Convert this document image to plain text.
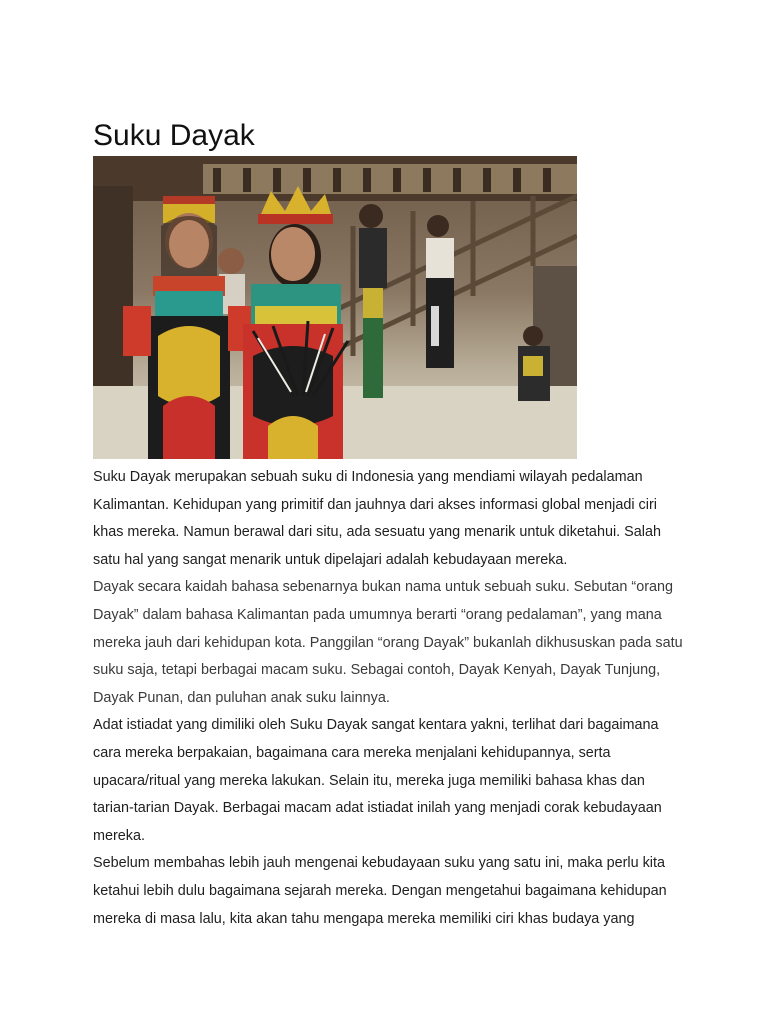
Suku Dayak

Suku Dayak merupakan sebuah suku di Indonesia yang mendiami wilayah pedalaman
Kalimantan. Kehidupan yang primitif dan jauhnya dari akses informasi global menjadi ciri
khas mereka. Namun berawal dari situ, ada sesuatu yang menarik untuk diketahui. Salah
satu hal yang sangat menarik untuk dipelajari adalah kebudayaan mereka.

Dayak secara kaidah bahasa sebenarnya bukan nama untuk sebuah suku. Sebutan “orang
Dayak” dalam bahasa Kalimantan pada umumnya berarti “orang pedalaman”, yang mana
mereka jauh dari kehidupan kota. Panggilan “orang Dayak” bukanlah dikhususkan pada satu
suku saja, tetapi berbagai macam suku. Sebagai contoh, Dayak Kenyah, Dayak Tunjung,
Dayak Punan, dan puluhan anak suku lainnya.

Adat istiadat yang dimiliki oleh Suku Dayak sangat kentara yakni, terlihat dari bagaimana
cara mereka berpakaian, bagaimana cara mereka menjalani kehidupannya, serta
upacara/ritual yang mereka lakukan. Selain itu, mereka juga memiliki bahasa khas dan
tarian-tarian Dayak. Berbagai macam adat istiadat inilah yang menjadi corak kebudayaan
mereka.

Sebelum membahas lebih jauh mengenai kebudayaan suku yang satu ini, maka perlu kita
ketahui lebih dulu bagaimana sejarah mereka. Dengan mengetahui bagaimana kehidupan
mereka di masa lalu, kita akan tahu mengapa mereka memiliki ciri khas budaya yang
